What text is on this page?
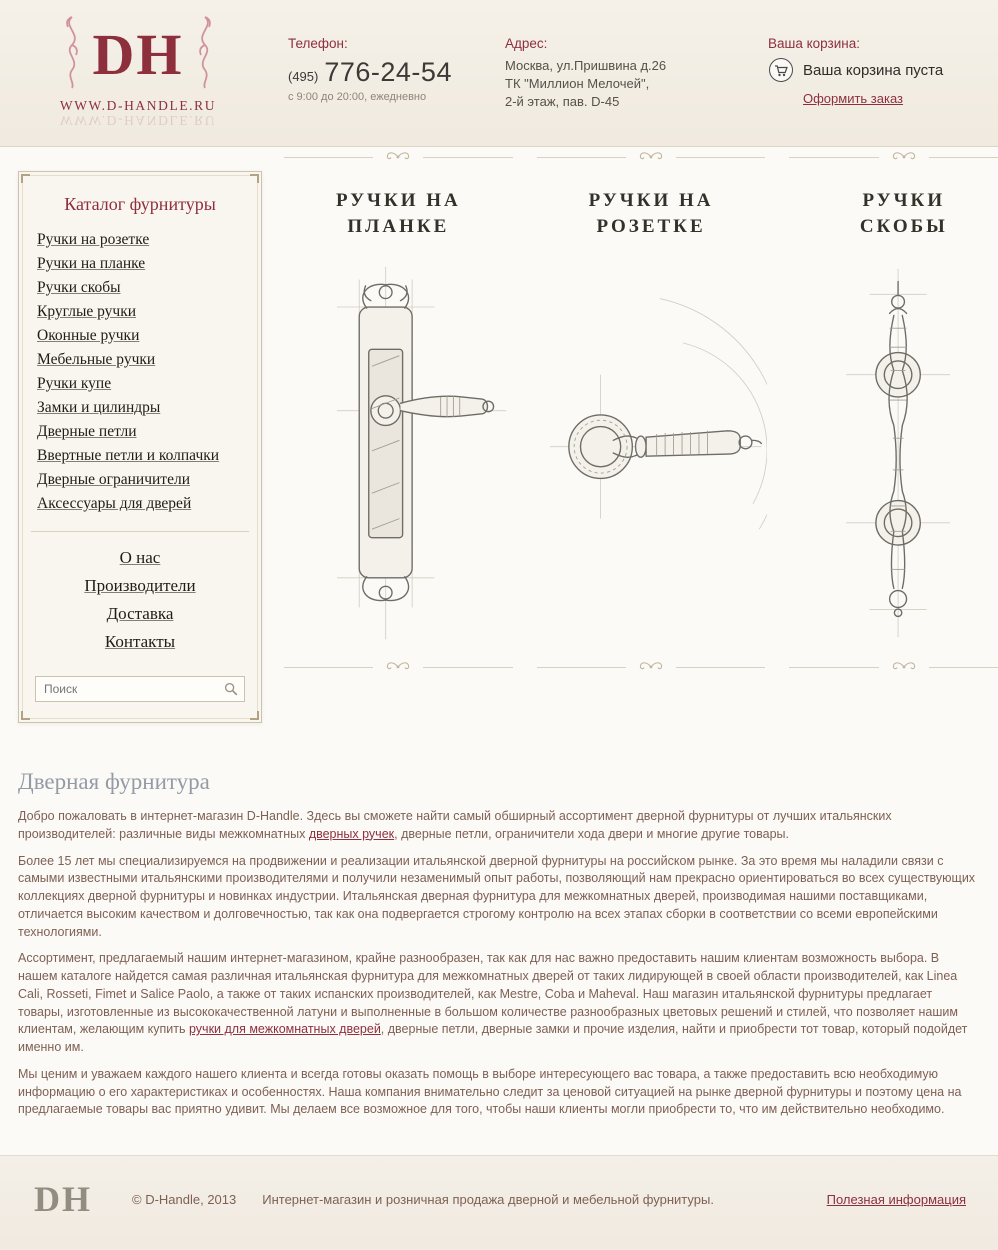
DH
WWW.D-HANDLE.RU
WWW.D-HANDLE.RU
Телефон:
(495) 776-24-54
с 9:00 до 20:00, ежедневно
Адрес:
Москва, ул.Пришвина д.26
ТК "Миллион Мелочей",
2-й этаж, пав. D-45
Ваша корзина:
Ваша корзина пуста
Оформить заказ
Каталог фурнитуры
Ручки на розетке
Ручки на планке
Ручки скобы
Круглые ручки
Оконные ручки
Мебельные ручки
Ручки купе
Замки и цилиндры
Дверные петли
Ввертные петли и колпачки
Дверные ограничители
Аксессуары для дверей
О нас
Производители
Доставка
Контакты
Поиск
РУЧКИ НА ПЛАНКЕ
РУЧКИ НА РОЗЕТКЕ
РУЧКИ СКОБЫ
Дверная фурнитура

Добро пожаловать в интернет-магазин D-Handle. Здесь вы сможете найти самый обширный ассортимент дверной фурнитуры от лучших итальянских производителей: различные виды межкомнатных дверных ручек, дверные петли, ограничители хода двери и многие другие товары.

Более 15 лет мы специализируемся на продвижении и реализации итальянской дверной фурнитуры на российском рынке. За это время мы наладили связи с самыми известными итальянскими производителями и получили незаменимый опыт работы, позволяющий нам прекрасно ориентироваться во всех существующих коллекциях дверной фурнитуры и новинках индустрии. Итальянская дверная фурнитура для межкомнатных дверей, производимая нашими поставщиками, отличается высоким качеством и долговечностью, так как она подвергается строгому контролю на всех этапах сборки в соответствии со всеми европейскими технологиями.

Ассортимент, предлагаемый нашим интернет-магазином, крайне разнообразен, так как для нас важно предоставить нашим клиентам возможность выбора. В нашем каталоге найдется самая различная итальянская фурнитура для межкомнатных дверей от таких лидирующей в своей области производителей, как Linea Cali, Rosseti, Fimet и Salice Paolo, а также от таких испанских производителей, как Mestre, Coba и Maheval. Наш магазин итальянской фурнитуры предлагает товары, изготовленные из высококачественной латуни и выполненные в большом количестве разнообразных цветовых решений и стилей, что позволяет нашим клиентам, желающим купить ручки для межкомнатных дверей, дверные петли, дверные замки и прочие изделия, найти и приобрести тот товар, который подойдет именно им.

Мы ценим и уважаем каждого нашего клиента и всегда готовы оказать помощь в выборе интересующего вас товара, а также предоставить всю необходимую информацию о его характеристиках и особенностях. Наша компания внимательно следит за ценовой ситуацией на рынке дверной фурнитуры и поэтому цена на предлагаемые товары вас приятно удивит. Мы делаем все возможное для того, чтобы наши клиенты могли приобрести то, что им действительно необходимо.

DH	© D-Handle, 2013 Интернет-магазин и розничная продажа дверной и мебельной фурнитуры.	Полезная информация
